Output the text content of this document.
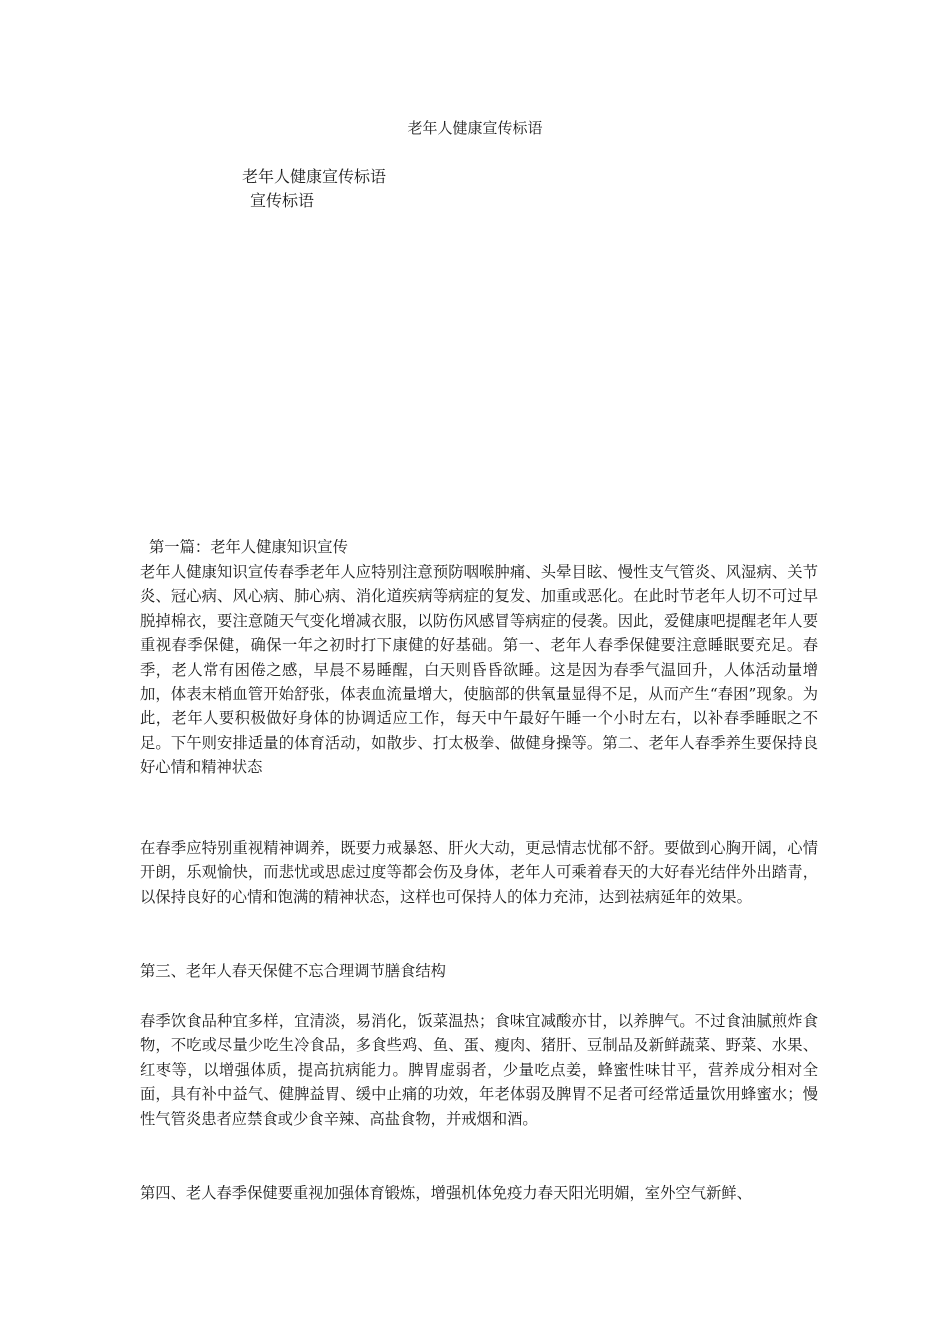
老年人健康宣传标语
老年人健康宣传标语
宣传标语
第一篇：老年人健康知识宣传
老年人健康知识宣传春季老年人应特别注意预防咽喉肿痛、头晕目眩、慢性支气管炎、风湿病、关节炎、冠心病、风心病、肺心病、消化道疾病等病症的复发、加重或恶化。在此时节老年人切不可过早脱掉棉衣，要注意随天气变化增减衣服，以防伤风感冒等病症的侵袭。因此，爱健康吧提醒老年人要重视春季保健，确保一年之初时打下康健的好基础。第一、老年人春季保健要注意睡眠要充足。春季，老人常有困倦之感，早晨不易睡醒，白天则昏昏欲睡。这是因为春季气温回升，人体活动量增加，体表末梢血管开始舒张，体表血流量增大，使脑部的供氧量显得不足，从而产生“春困”现象。为此，老年人要积极做好身体的协调适应工作，每天中午最好午睡一个小时左右，以补春季睡眠之不足。下午则安排适量的体育活动，如散步、打太极拳、做健身操等。第二、老年人春季养生要保持良好心情和精神状态
在春季应特别重视精神调养，既要力戒暴怒、肝火大动，更忌情志忧郁不舒。要做到心胸开阔，心情开朗，乐观愉快，而悲忧或思虑过度等都会伤及身体，老年人可乘着春天的大好春光结伴外出踏青，以保持良好的心情和饱满的精神状态，这样也可保持人的体力充沛，达到祛病延年的效果。
第三、老年人春天保健不忘合理调节膳食结构
春季饮食品种宜多样，宜清淡，易消化，饭菜温热；食味宜减酸亦甘，以养脾气。不过食油腻煎炸食物，不吃或尽量少吃生冷食品，多食些鸡、鱼、蛋、瘦肉、猪肝、豆制品及新鲜蔬菜、野菜、水果、红枣等，以增强体质，提高抗病能力。脾胃虚弱者，少量吃点姜，蜂蜜性味甘平，营养成分相对全面，具有补中益气、健脾益胃、缓中止痛的功效，年老体弱及脾胃不足者可经常适量饮用蜂蜜水；慢性气管炎患者应禁食或少食辛辣、高盐食物，并戒烟和酒。
第四、老人春季保健要重视加强体育锻炼，增强机体免疫力春天阳光明媚，室外空气新鲜、
